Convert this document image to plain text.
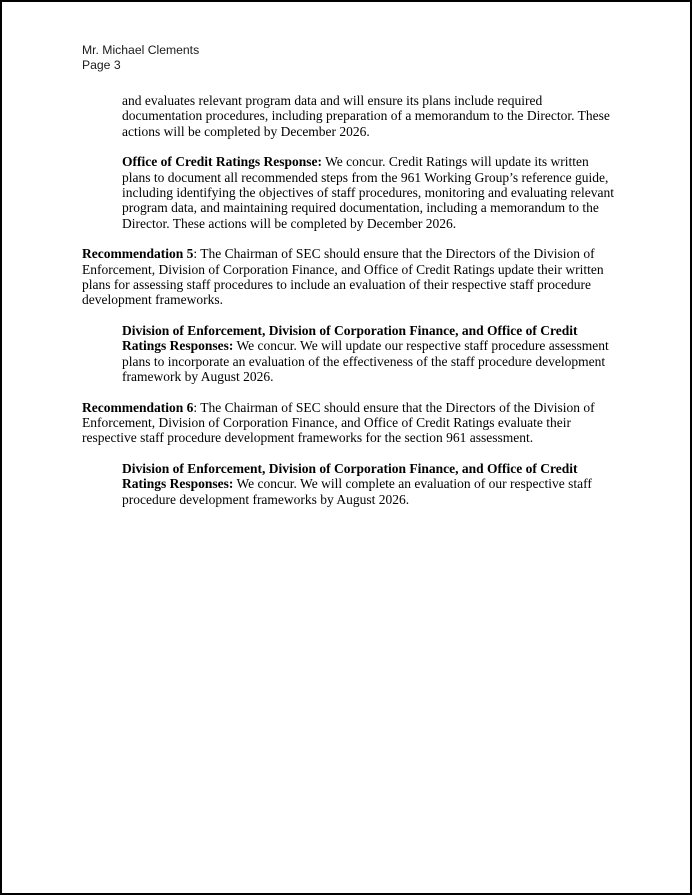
Mr. Michael Clements
Page 3

and evaluates relevant program data and will ensure its plans include required documentation procedures, including preparation of a memorandum to the Director. These actions will be completed by December 2026.

Office of Credit Ratings Response: We concur. Credit Ratings will update its written plans to document all recommended steps from the 961 Working Group’s reference guide, including identifying the objectives of staff procedures, monitoring and evaluating relevant program data, and maintaining required documentation, including a memorandum to the Director. These actions will be completed by December 2026.

Recommendation 5: The Chairman of SEC should ensure that the Directors of the Division of Enforcement, Division of Corporation Finance, and Office of Credit Ratings update their written plans for assessing staff procedures to include an evaluation of their respective staff procedure development frameworks.

Division of Enforcement, Division of Corporation Finance, and Office of Credit Ratings Responses: We concur. We will update our respective staff procedure assessment plans to incorporate an evaluation of the effectiveness of the staff procedure development framework by August 2026.

Recommendation 6: The Chairman of SEC should ensure that the Directors of the Division of Enforcement, Division of Corporation Finance, and Office of Credit Ratings evaluate their respective staff procedure development frameworks for the section 961 assessment.

Division of Enforcement, Division of Corporation Finance, and Office of Credit Ratings Responses: We concur. We will complete an evaluation of our respective staff procedure development frameworks by August 2026.
